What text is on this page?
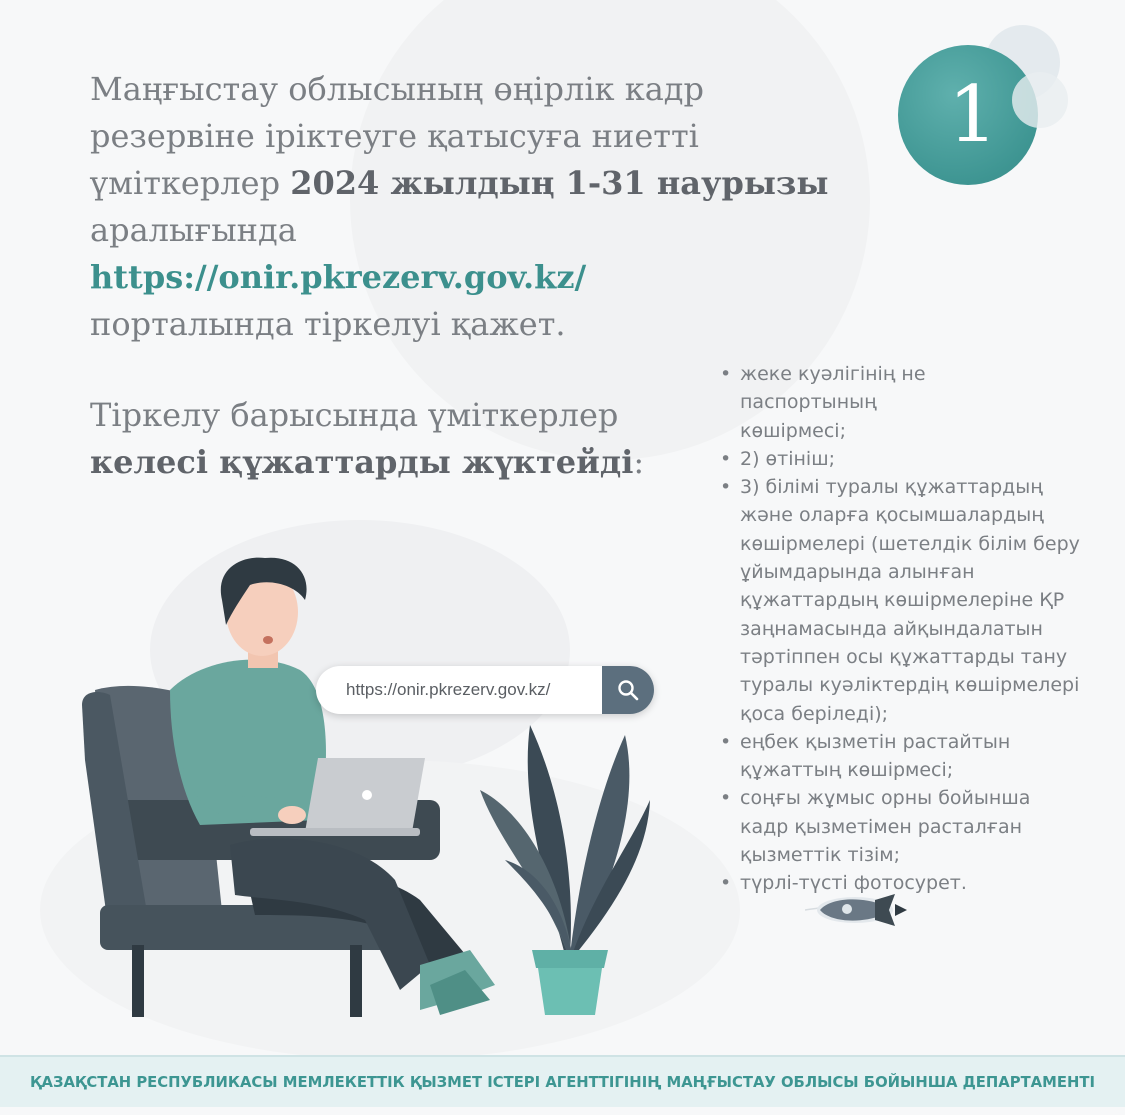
1

Маңғыстау облысының өңірлік кадр
резервіне іріктеуге қатысуға ниетті
үміткерлер 2024 жылдың 1-31 наурызы
аралығында
https://onir.pkrezerv.gov.kz/
порталында тіркелуі қажет.

Тіркелу барысында үміткерлер
келесі құжаттарды жүктейді:

• жеке куәлігінің не паспортының көшірмесі;
• 2) өтініш;
• 3) білімі туралы құжаттардың және оларға қосымшалардың көшірмелері (шетелдік білім беру ұйымдарында алынған құжаттардың көшірмелеріне ҚР заңнамасында айқындалатын тәртіппен осы құжаттарды тану туралы куәліктердің көшірмелері қоса беріледі);
• еңбек қызметін растайтын құжаттың көшірмесі;
• соңғы жұмыс орны бойынша кадр қызметімен расталған қызметтік тізім;
• түрлі-түсті фотосурет.
https://onir.pkrezerv.gov.kz/
ҚАЗАҚСТАН РЕСПУБЛИКАСЫ МЕМЛЕКЕТТІК ҚЫЗМЕТ ІСТЕРІ АГЕНТТІГІНІҢ МАҢҒЫСТАУ ОБЛЫСЫ БОЙЫНША ДЕПАРТАМЕНТІ
